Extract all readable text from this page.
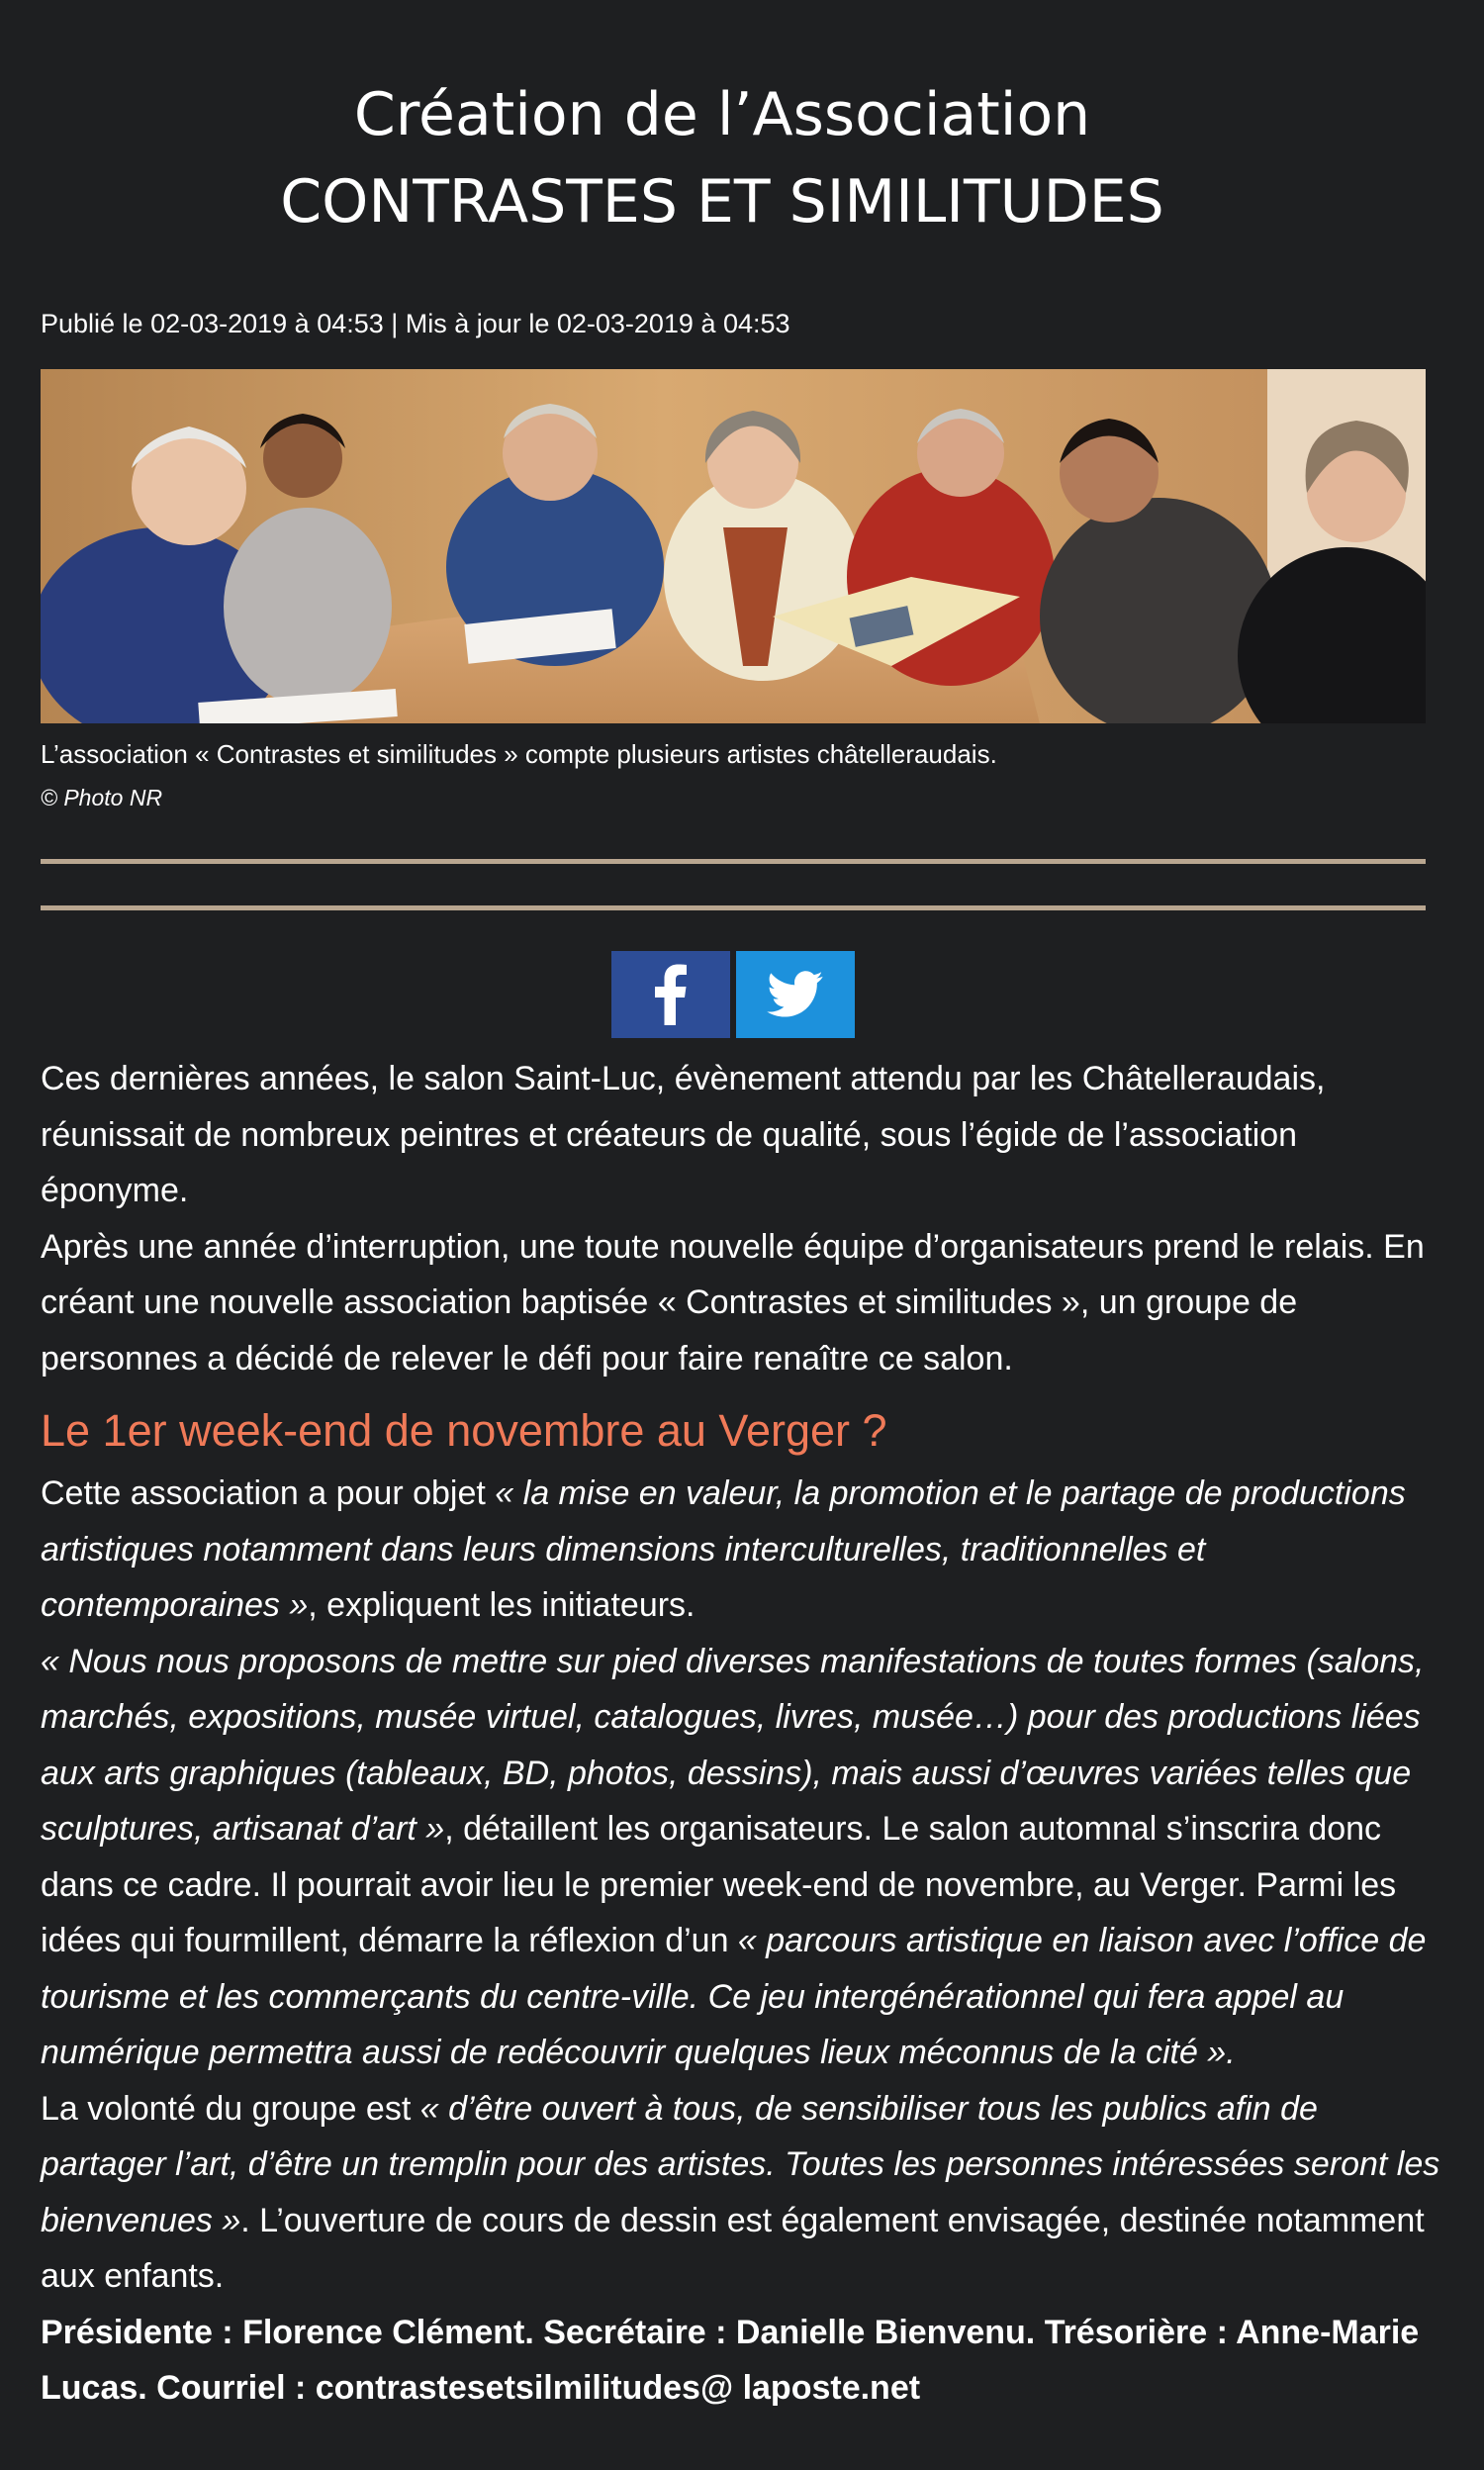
Création de l’Association
CONTRASTES ET SIMILITUDES
Publié le 02-03-2019 à 04:53 | Mis à jour le 02-03-2019 à 04:53
L’association « Contrastes et similitudes » compte plusieurs artistes châtelleraudais.
© Photo NR

Ces dernières années, le salon Saint-Luc, évènement attendu par les Châtelleraudais, réunissait de nombreux peintres et créateurs de qualité, sous l’égide de l’association éponyme.

Après une année d’interruption, une toute nouvelle équipe d’organisateurs prend le relais. En créant une nouvelle association baptisée « Contrastes et similitudes », un groupe de personnes a décidé de relever le défi pour faire renaître ce salon.

Le 1er week-end de novembre au Verger ?

Cette association a pour objet « la mise en valeur, la promotion et le partage de productions artistiques notamment dans leurs dimensions interculturelles, traditionnelles et contemporaines », expliquent les initiateurs.

« Nous nous proposons de mettre sur pied diverses manifestations de toutes formes (salons, marchés, expositions, musée virtuel, catalogues, livres, musée…) pour des productions liées aux arts graphiques (tableaux, BD, photos, dessins), mais aussi d’œuvres variées telles que sculptures, artisanat d’art », détaillent les organisateurs. Le salon automnal s’inscrira donc dans ce cadre. Il pourrait avoir lieu le premier week-end de novembre, au Verger. Parmi les idées qui fourmillent, démarre la réflexion d’un « parcours artistique en liaison avec l’office de tourisme et les commerçants du centre-ville. Ce jeu intergénérationnel qui fera appel au numérique permettra aussi de redécouvrir quelques lieux méconnus de la cité ».

La volonté du groupe est « d’être ouvert à tous, de sensibiliser tous les publics afin de partager l’art, d’être un tremplin pour des artistes. Toutes les personnes intéressées seront les bienvenues ». L’ouverture de cours de dessin est également envisagée, destinée notamment aux enfants.

Présidente : Florence Clément. Secrétaire : Danielle Bienvenu. Trésorière : Anne-Marie Lucas. Courriel : contrastesetsilmilitudes@ laposte.net
